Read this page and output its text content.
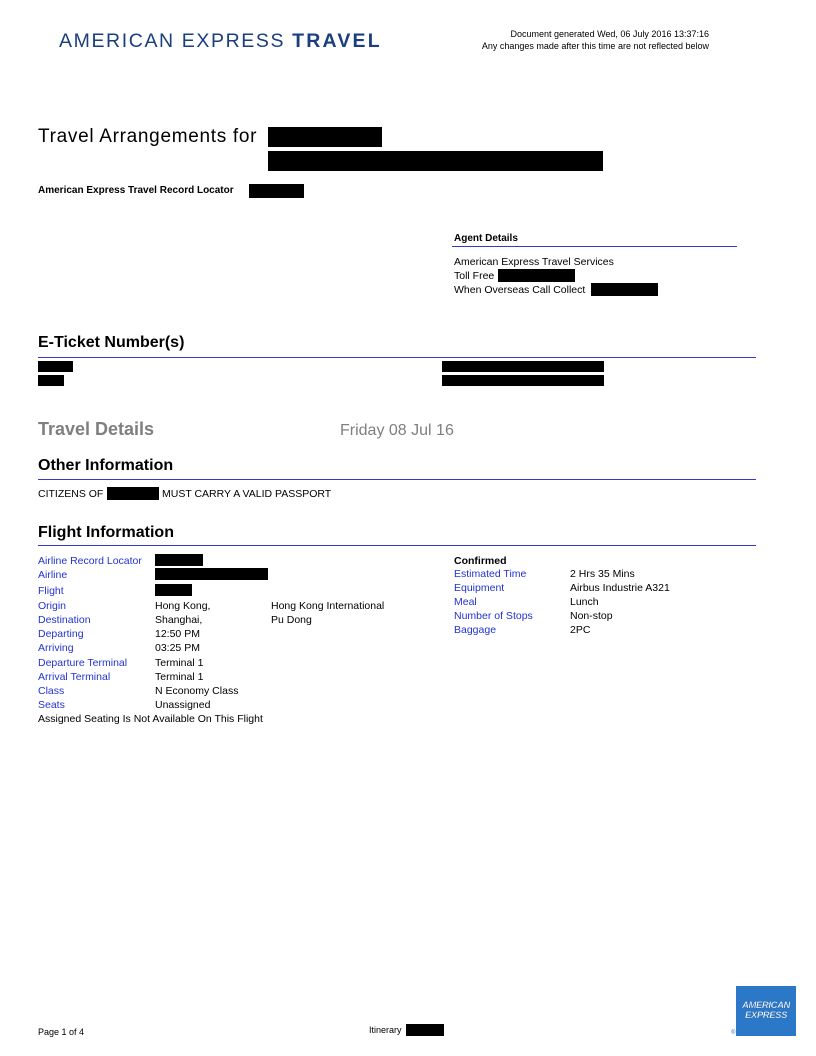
AMERICAN EXPRESS TRAVEL	Document generated Wed, 06 July 2016 13:37:16
Any changes made after this time are not reflected below
Travel Arrangements for
American Express Travel Record Locator
Agent Details
American Express Travel Services
Toll Free
When Overseas Call Collect
E-Ticket Number(s)
Travel Details	Friday 08 Jul 16
Other Information
CITIZENS OF	MUST CARRY A VALID PASSPORT
Flight Information
Airline Record Locator
Airline
Flight
Origin	Hong Kong,	Hong Kong International
Destination	Shanghai,	Pu Dong
Departing	12:50 PM
Arriving	03:25 PM
Departure Terminal	Terminal 1
Arrival Terminal	Terminal 1
Class	N Economy Class
Seats	Unassigned
Assigned Seating Is Not Available On This Flight
Confirmed
Estimated Time	2 Hrs 35 Mins
Equipment	Airbus Industrie A321
Meal	Lunch
Number of Stops	Non-stop
Baggage	2PC
Page 1 of 4	Itinerary
AMERICAN
EXPRESS
®
